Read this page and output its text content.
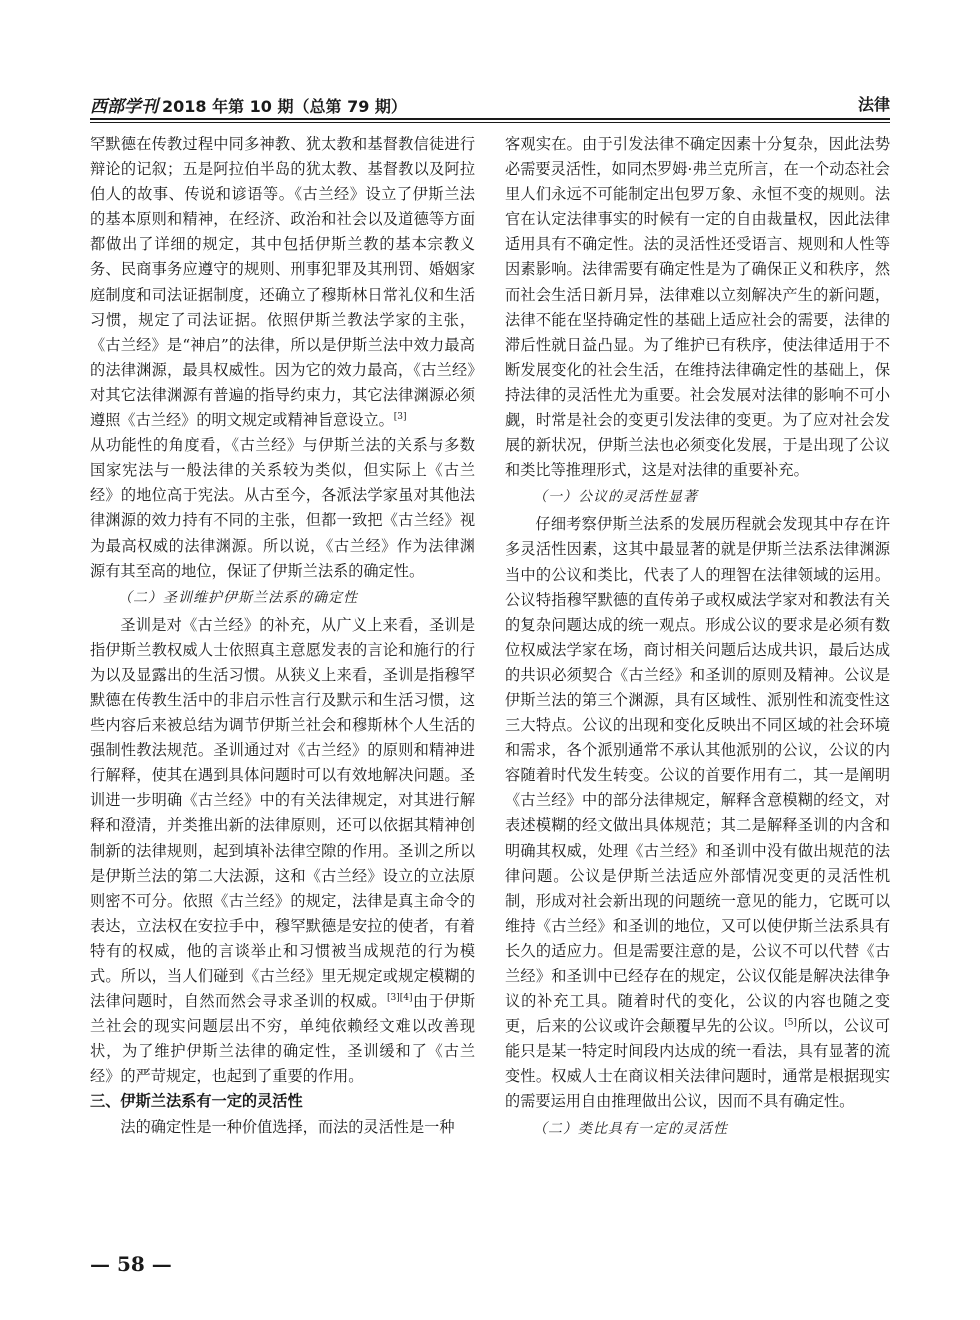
西部学刊 2018 年第 10 期（总第 79 期）	法律

罕默德在传教过程中同多神教、犹太教和基督教信徒进行辩论的记叙；五是阿拉伯半岛的犹太教、基督教以及阿拉伯人的故事、传说和谚语等。《古兰经》设立了伊斯兰法的基本原则和精神，在经济、政治和社会以及道德等方面都做出了详细的规定，其中包括伊斯兰教的基本宗教义务、民商事务应遵守的规则、刑事犯罪及其刑罚、婚姻家庭制度和司法证据制度，还确立了穆斯林日常礼仪和生活习惯，规定了司法证据。依照伊斯兰教法学家的主张，《古兰经》是“神启”的法律，所以是伊斯兰法中效力最高的法律渊源，最具权威性。因为它的效力最高，《古兰经》对其它法律渊源有普遍的指导约束力，其它法律渊源必须遵照《古兰经》的明文规定或精神旨意设立。[3]

从功能性的角度看，《古兰经》与伊斯兰法的关系与多数国家宪法与一般法律的关系较为类似，但实际上《古兰经》的地位高于宪法。从古至今，各派法学家虽对其他法律渊源的效力持有不同的主张，但都一致把《古兰经》视为最高权威的法律渊源。所以说，《古兰经》作为法律渊源有其至高的地位，保证了伊斯兰法系的确定性。

（二）圣训维护伊斯兰法系的确定性

圣训是对《古兰经》的补充，从广义上来看，圣训是指伊斯兰教权威人士依照真主意愿发表的言论和施行的行为以及显露出的生活习惯。从狭义上来看，圣训是指穆罕默德在传教生活中的非启示性言行及默示和生活习惯，这些内容后来被总结为调节伊斯兰社会和穆斯林个人生活的强制性教法规范。圣训通过对《古兰经》的原则和精神进行解释，使其在遇到具体问题时可以有效地解决问题。圣训进一步明确《古兰经》中的有关法律规定，对其进行解释和澄清，并类推出新的法律原则，还可以依据其精神创制新的法律规则，起到填补法律空隙的作用。圣训之所以是伊斯兰法的第二大法源，这和《古兰经》设立的立法原则密不可分。依照《古兰经》的规定，法律是真主命令的表达，立法权在安拉手中，穆罕默德是安拉的使者，有着特有的权威，他的言谈举止和习惯被当成规范的行为模式。所以，当人们碰到《古兰经》里无规定或规定模糊的法律问题时，自然而然会寻求圣训的权威。[3][4]由于伊斯兰社会的现实问题层出不穷，单纯依赖经文难以改善现状，为了维护伊斯兰法律的确定性，圣训缓和了《古兰经》的严苛规定，也起到了重要的作用。

三、伊斯兰法系有一定的灵活性

法的确定性是一种价值选择，而法的灵活性是一种

客观实在。由于引发法律不确定因素十分复杂，因此法势必需要灵活性，如同杰罗姆·弗兰克所言，在一个动态社会里人们永远不可能制定出包罗万象、永恒不变的规则。法官在认定法律事实的时候有一定的自由裁量权，因此法律适用具有不确定性。法的灵活性还受语言、规则和人性等因素影响。法律需要有确定性是为了确保正义和秩序，然而社会生活日新月异，法律难以立刻解决产生的新问题，法律不能在坚持确定性的基础上适应社会的需要，法律的滞后性就日益凸显。为了维护已有秩序，使法律适用于不断发展变化的社会生活，在维持法律确定性的基础上，保持法律的灵活性尤为重要。社会发展对法律的影响不可小觑，时常是社会的变更引发法律的变更。为了应对社会发展的新状况，伊斯兰法也必须变化发展，于是出现了公议和类比等推理形式，这是对法律的重要补充。

（一）公议的灵活性显著

仔细考察伊斯兰法系的发展历程就会发现其中存在许多灵活性因素，这其中最显著的就是伊斯兰法系法律渊源当中的公议和类比，代表了人的理智在法律领域的运用。公议特指穆罕默德的直传弟子或权威法学家对和教法有关的复杂问题达成的统一观点。形成公议的要求是必须有数位权威法学家在场，商讨相关问题后达成共识，最后达成的共识必须契合《古兰经》和圣训的原则及精神。公议是伊斯兰法的第三个渊源，具有区域性、派别性和流变性这三大特点。公议的出现和变化反映出不同区域的社会环境和需求，各个派别通常不承认其他派别的公议，公议的内容随着时代发生转变。公议的首要作用有二，其一是阐明《古兰经》中的部分法律规定，解释含意模糊的经文，对表述模糊的经文做出具体规范；其二是解释圣训的内含和明确其权威，处理《古兰经》和圣训中没有做出规范的法律问题。公议是伊斯兰法适应外部情况变更的灵活性机制，形成对社会新出现的问题统一意见的能力，它既可以维持《古兰经》和圣训的地位，又可以使伊斯兰法系具有长久的适应力。但是需要注意的是，公议不可以代替《古兰经》和圣训中已经存在的规定，公议仅能是解决法律争议的补充工具。随着时代的变化，公议的内容也随之变更，后来的公议或许会颠覆早先的公议。[5]所以，公议可能只是某一特定时间段内达成的统一看法，具有显著的流变性。权威人士在商议相关法律问题时，通常是根据现实的需要运用自由推理做出公议，因而不具有确定性。

（二）类比具有一定的灵活性
— 58 —
